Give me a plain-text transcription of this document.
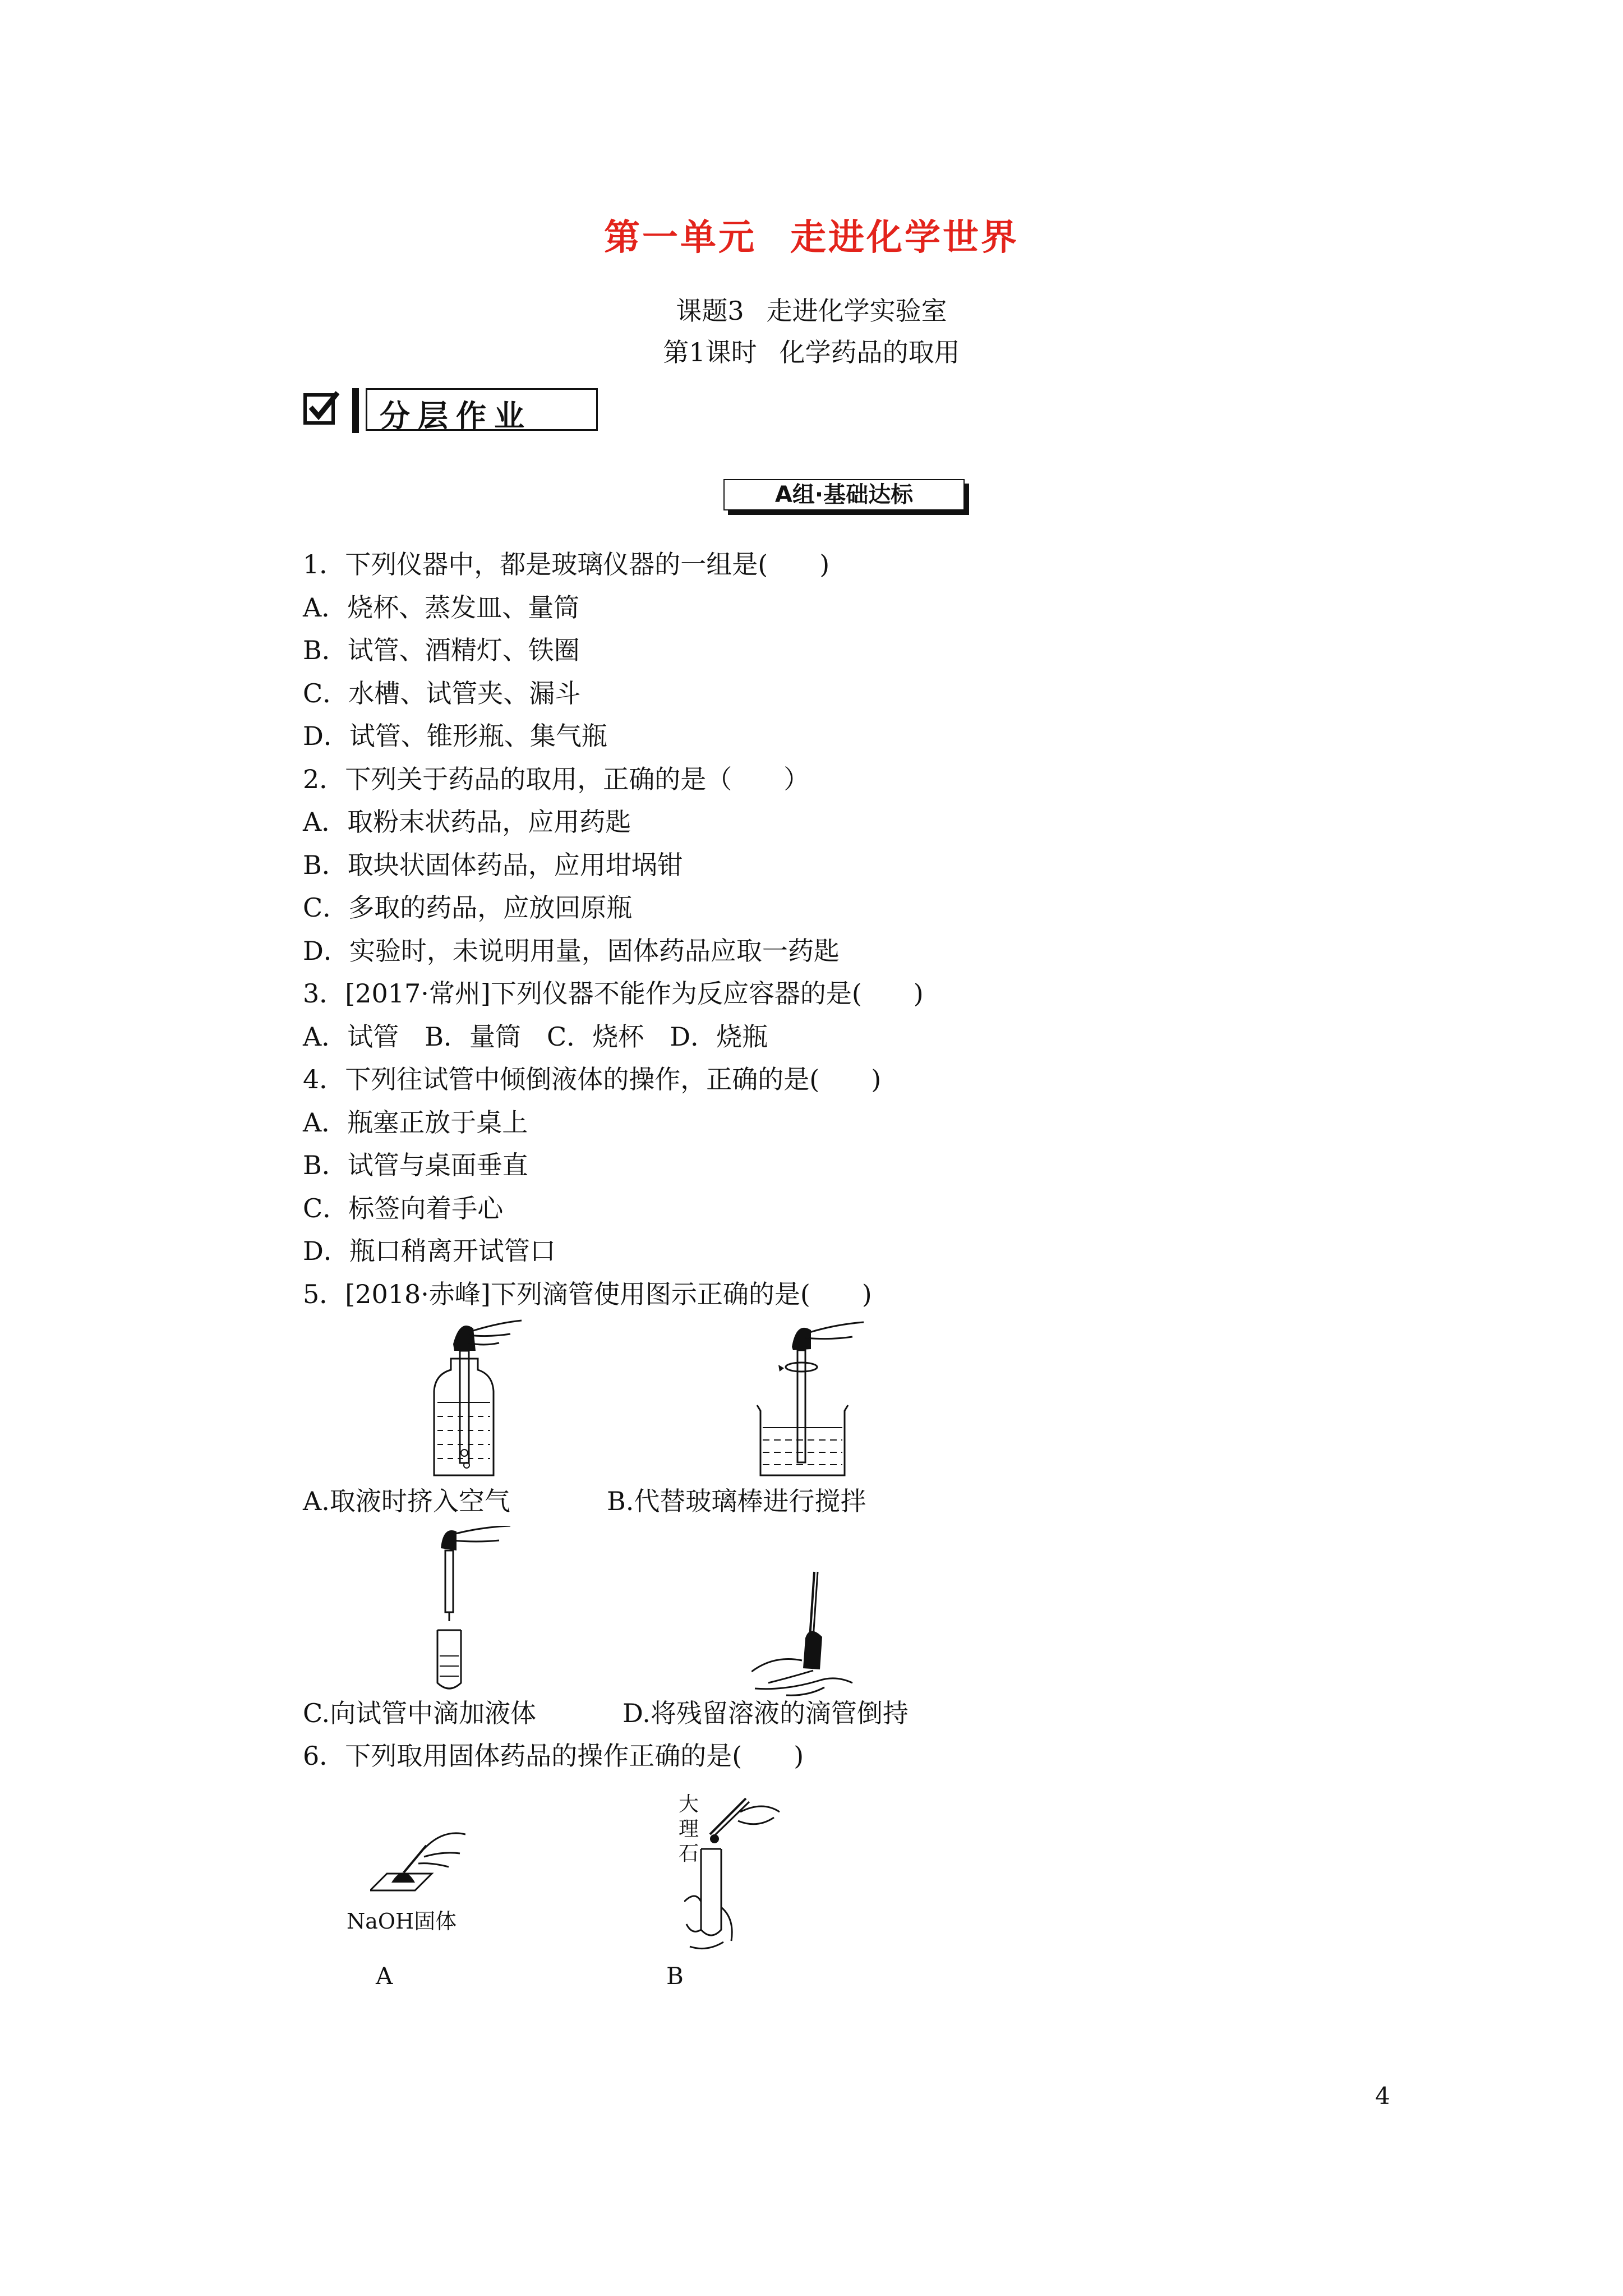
第一单元 走进化学世界
课题3 走进化学实验室
第1课时 化学药品的取用
分层作业
A组·基础达标
1．下列仪器中，都是玻璃仪器的一组是(　　)
A．烧杯、蒸发皿、量筒
B．试管、酒精灯、铁圈
C．水槽、试管夹、漏斗
D．试管、锥形瓶、集气瓶
2．下列关于药品的取用，正确的是（　　）
A．取粉末状药品，应用药匙
B．取块状固体药品，应用坩埚钳
C．多取的药品，应放回原瓶
D．实验时，未说明用量，固体药品应取一药匙
3．[2017·常州]下列仪器不能作为反应容器的是(　　)
A．试管　B．量筒　C．烧杯　D．烧瓶
4．下列往试管中倾倒液体的操作，正确的是(　　)
A．瓶塞正放于桌上
B．试管与桌面垂直
C．标签向着手心
D．瓶口稍离开试管口
5．[2018·赤峰]下列滴管使用图示正确的是(　　)
A.取液时挤入空气	B.代替玻璃棒进行搅拌
C.向试管中滴加液体	D.将残留溶液的滴管倒持
6．下列取用固体药品的操作正确的是(　　)
NaOH固体
A
大
理
石
B
4
